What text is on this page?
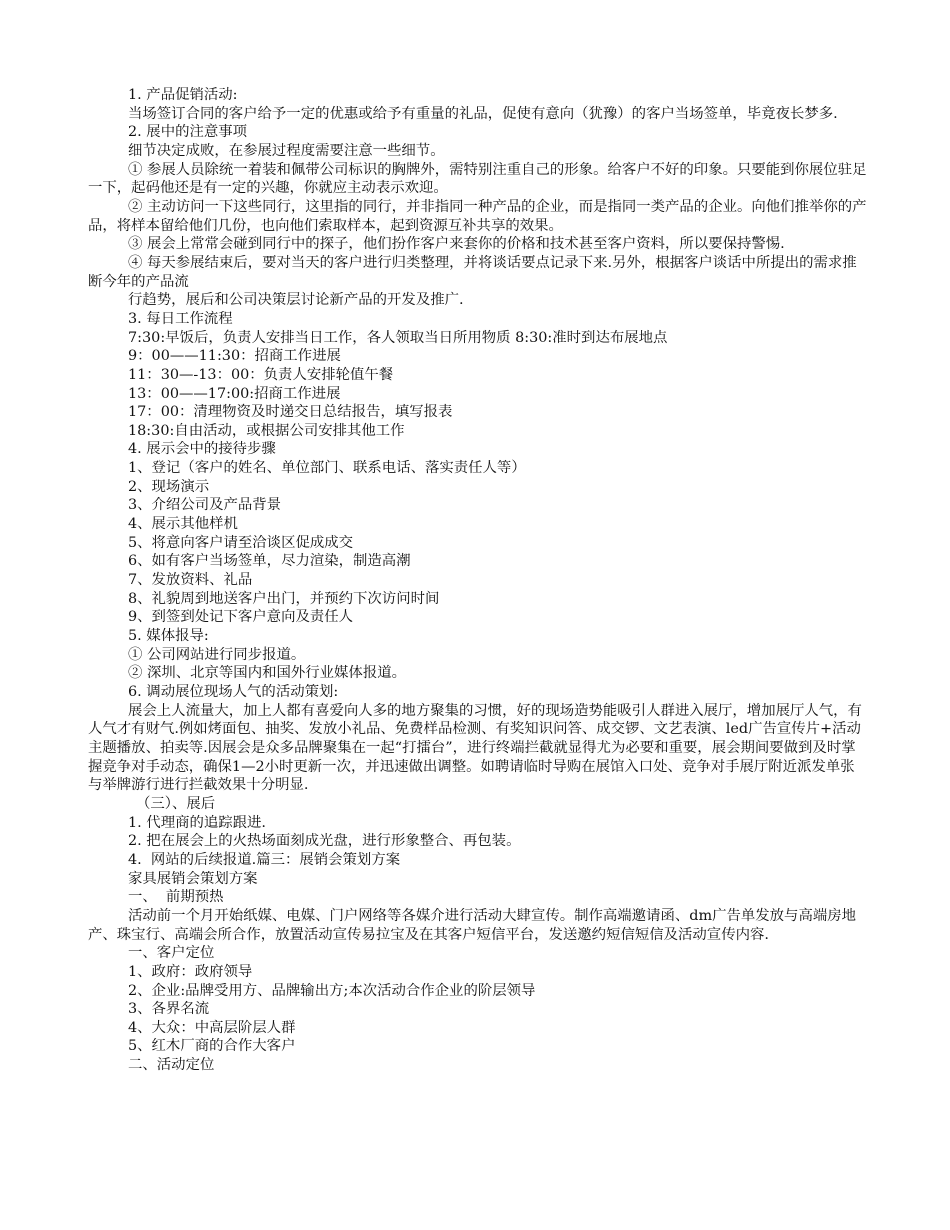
1. 产品促销活动:

当场签订合同的客户给予一定的优惠或给予有重量的礼品，促使有意向（犹豫）的客户当场签单，毕竟夜长梦多.

2. 展中的注意事项

细节决定成败，在参展过程度需要注意一些细节。

① 参展人员除统一着装和佩带公司标识的胸牌外，需特别注重自己的形象。给客户不好的印象。只要能到你展位驻足一下，起码他还是有一定的兴趣，你就应主动表示欢迎。

② 主动访问一下这些同行，这里指的同行，并非指同一种产品的企业，而是指同一类产品的企业。向他们推举你的产品，将样本留给他们几份，也向他们索取样本，起到资源互补共享的效果。

③ 展会上常常会碰到同行中的探子，他们扮作客户来套你的价格和技术甚至客户资料，所以要保持警惕.

④ 每天参展结束后，要对当天的客户进行归类整理，并将谈话要点记录下来.另外，根据客户谈话中所提出的需求推断今年的产品流

行趋势，展后和公司决策层讨论新产品的开发及推广.

3. 每日工作流程

7:30:早饭后，负责人安排当日工作，各人领取当日所用物质 8:30:准时到达布展地点

9：00——11:30：招商工作进展

11：30—-13：00：负责人安排轮值午餐

13：00——17:00:招商工作进展

17：00：清理物资及时递交日总结报告，填写报表

18:30:自由活动，或根据公司安排其他工作

4. 展示会中的接待步骤

1、登记（客户的姓名、单位部门、联系电话、落实责任人等）

2、现场演示

3、介绍公司及产品背景

4、展示其他样机

5、将意向客户请至洽谈区促成成交

6、如有客户当场签单，尽力渲染，制造高潮

7、发放资料、礼品

8、礼貌周到地送客户出门，并预约下次访问时间

9、到签到处记下客户意向及责任人

5. 媒体报导:

① 公司网站进行同步报道。

② 深圳、北京等国内和国外行业媒体报道。

6. 调动展位现场人气的活动策划:

展会上人流量大，加上人都有喜爱向人多的地方聚集的习惯，好的现场造势能吸引人群进入展厅，增加展厅人气，有人气才有财气.例如烤面包、抽奖、发放小礼品、免费样品检测、有奖知识问答、成交锣、文艺表演、led广告宣传片+活动主题播放、拍卖等.因展会是众多品牌聚集在一起“打擂台”，进行终端拦截就显得尤为必要和重要，展会期间要做到及时掌握竞争对手动态，确保1—2小时更新一次，并迅速做出调整。如聘请临时导购在展馆入口处、竞争对手展厅附近派发单张与举牌游行进行拦截效果十分明显.

（三）、展后

1. 代理商的追踪跟进.

2. 把在展会上的火热场面刻成光盘，进行形象整合、再包装。

4.  网站的后续报道.篇三：展销会策划方案

家具展销会策划方案

一、  前期预热

活动前一个月开始纸媒、电媒、门户网络等各媒介进行活动大肆宣传。制作高端邀请函、dm广告单发放与高端房地产、珠宝行、高端会所合作，放置活动宣传易拉宝及在其客户短信平台，发送邀约短信短信及活动宣传内容.

一、客户定位

1、政府：政府领导

2、企业:品牌受用方、品牌输出方;本次活动合作企业的阶层领导

3、各界名流

4、大众：中高层阶层人群

5、红木厂商的合作大客户

二、活动定位
